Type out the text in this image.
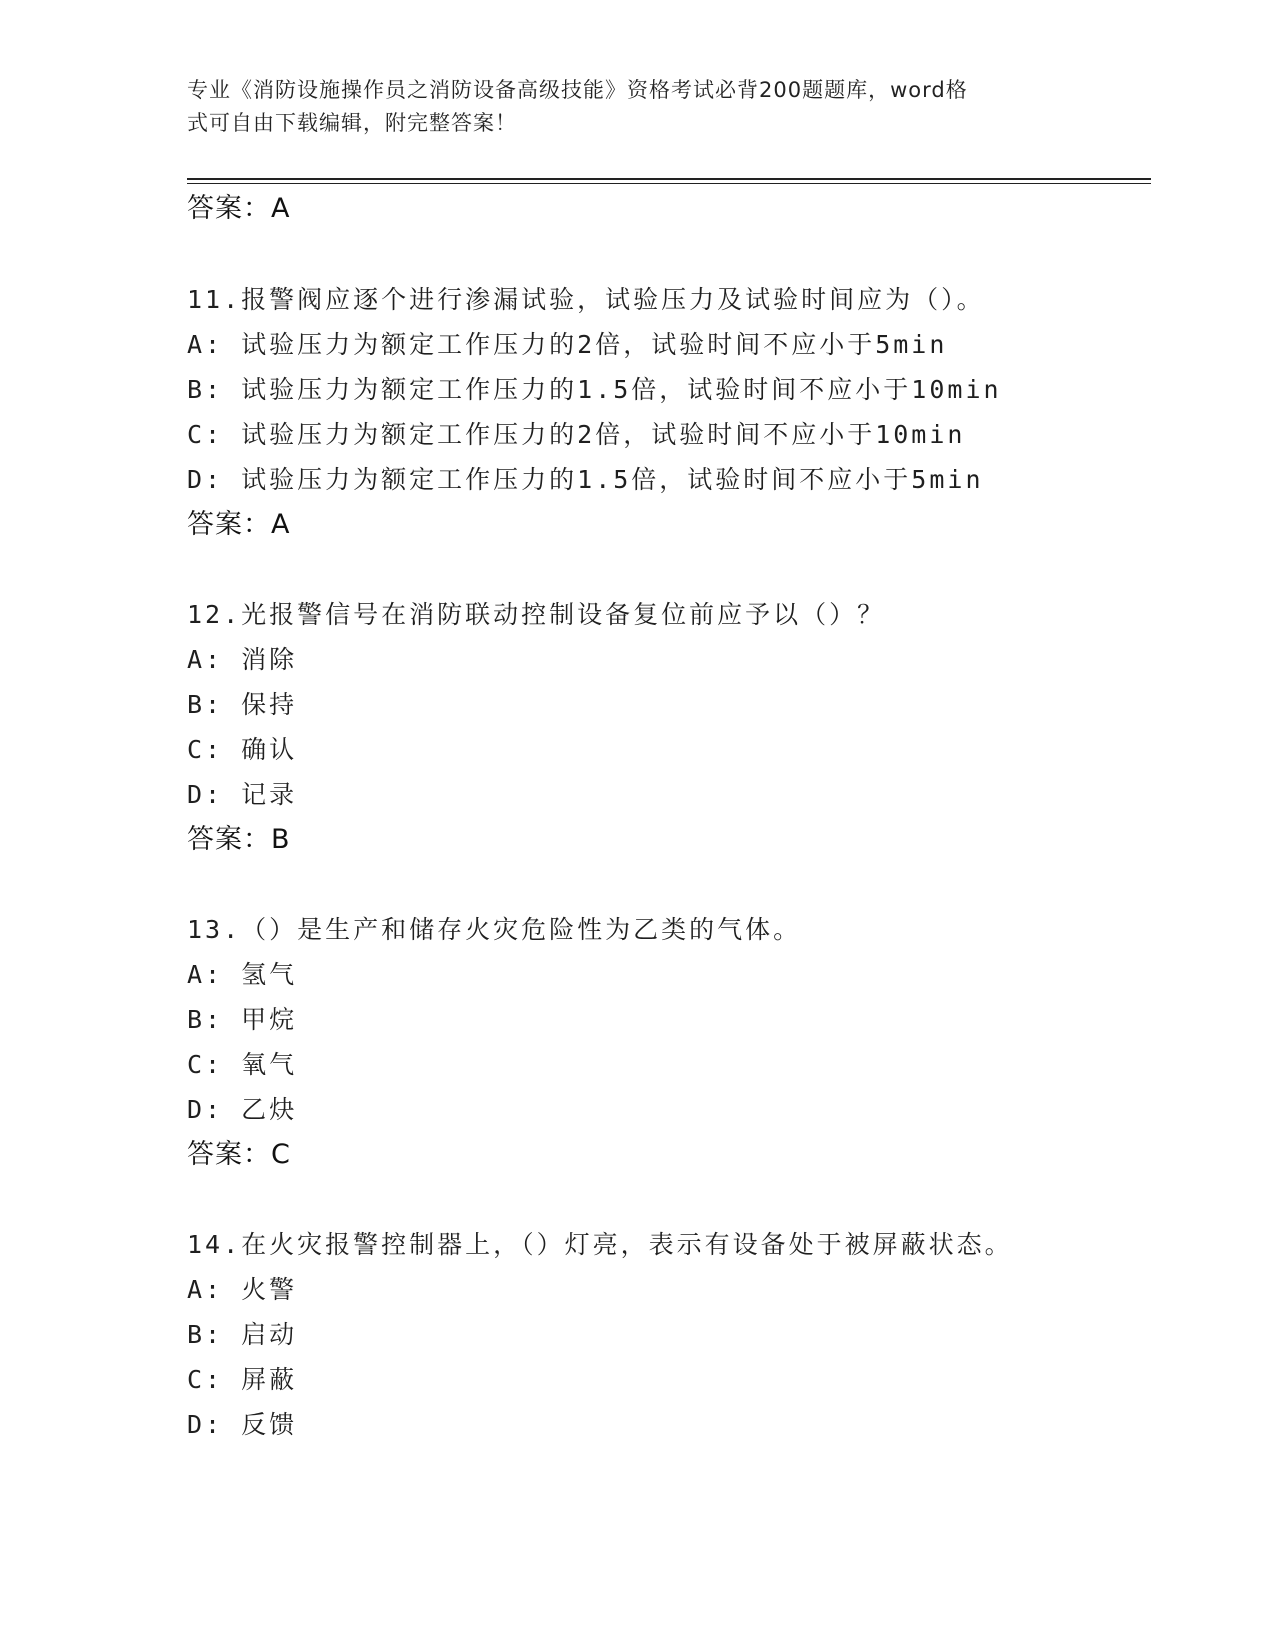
专业《消防设施操作员之消防设备高级技能》资格考试必背200题题库，word格
式可自由下载编辑，附完整答案！
答案：A
11.报警阀应逐个进行渗漏试验，试验压力及试验时间应为（）。
A: 试验压力为额定工作压力的2倍，试验时间不应小于5min
B: 试验压力为额定工作压力的1.5倍，试验时间不应小于10min
C: 试验压力为额定工作压力的2倍，试验时间不应小于10min
D: 试验压力为额定工作压力的1.5倍，试验时间不应小于5min
答案：A
12.光报警信号在消防联动控制设备复位前应予以（）？
A: 消除
B: 保持
C: 确认
D: 记录
答案：B
13.（）是生产和储存火灾危险性为乙类的气体。
A: 氢气
B: 甲烷
C: 氧气
D: 乙炔
答案：C
14.在火灾报警控制器上，（）灯亮，表示有设备处于被屏蔽状态。
A: 火警
B: 启动
C: 屏蔽
D: 反馈
